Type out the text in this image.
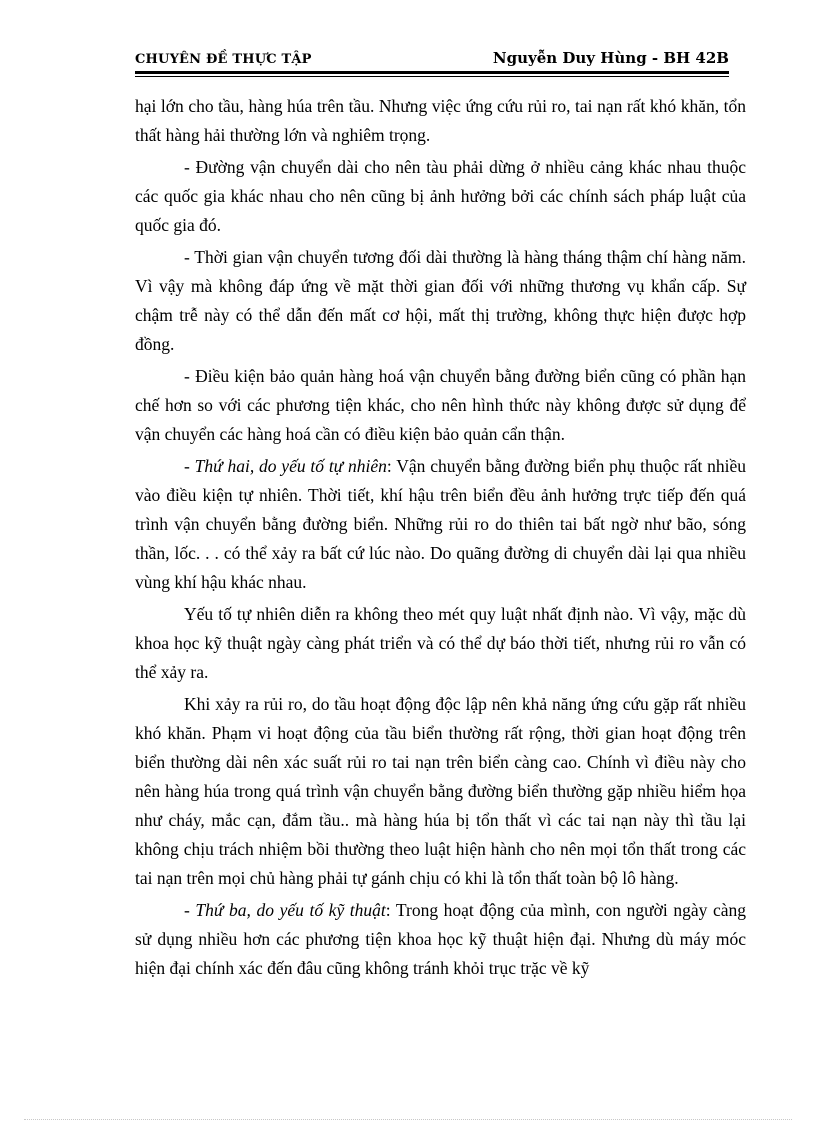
CHUYÊN ĐỀ THỰC TẬP	Nguyễn Duy Hùng - BH 42B

hại lớn cho tầu, hàng húa trên tầu. Nhưng việc ứng cứu rủi ro, tai nạn rất khó khăn, tổn thất hàng hải thường lớn và nghiêm trọng.

- Đường vận chuyển dài cho nên tàu phải dừng ở nhiều cảng khác nhau thuộc các quốc gia khác nhau cho nên cũng bị ảnh hưởng bởi các chính sách pháp luật của quốc gia đó.

- Thời gian vận chuyển tương đối dài thường là hàng tháng thậm chí hàng năm. Vì vậy mà không đáp ứng về mặt thời gian đối với những thương vụ khẩn cấp. Sự chậm trễ này có thể dẫn đến mất cơ hội, mất thị trường, không thực hiện được hợp đồng.

- Điều kiện bảo quản hàng hoá vận chuyển bằng đường biển cũng có phần hạn chế hơn so với các phương tiện khác, cho nên hình thức này không được sử dụng để vận chuyển các hàng hoá cần có điều kiện bảo quản cẩn thận.

- Thứ hai, do yếu tố tự nhiên: Vận chuyển bằng đường biển phụ thuộc rất nhiều vào điều kiện tự nhiên. Thời tiết, khí hậu trên biển đều ảnh hưởng trực tiếp đến quá trình vận chuyển bằng đường biển. Những rủi ro do thiên tai bất ngờ như bão, sóng thần, lốc. . . có thể xảy ra bất cứ lúc nào. Do quãng đường di chuyển dài lại qua nhiều vùng khí hậu khác nhau.

Yếu tố tự nhiên diễn ra không theo mét quy luật nhất định nào. Vì vậy, mặc dù khoa học kỹ thuật ngày càng phát triển và có thể dự báo thời tiết, nhưng rủi ro vẫn có thể xảy ra.

Khi xảy ra rủi ro, do tầu hoạt động độc lập nên khả năng ứng cứu gặp rất nhiều khó khăn. Phạm vi hoạt động của tầu biển thường rất rộng, thời gian hoạt động trên biển thường dài nên xác suất rủi ro tai nạn trên biển càng cao. Chính vì điều này cho nên hàng húa trong quá trình vận chuyển bằng đường biển thường gặp nhiều hiểm họa như cháy, mắc cạn, đắm tầu.. mà hàng húa bị tổn thất vì các tai nạn này thì tầu lại không chịu trách nhiệm bồi thường theo luật hiện hành cho nên mọi tổn thất trong các tai nạn trên mọi chủ hàng phải tự gánh chịu có khi là tổn thất toàn bộ lô hàng.

- Thứ ba, do yếu tố kỹ thuật: Trong hoạt động của mình, con người ngày càng sử dụng nhiều hơn các phương tiện khoa học kỹ thuật hiện đại. Nhưng dù máy móc hiện đại chính xác đến đâu cũng không tránh khỏi trục trặc về kỹ
